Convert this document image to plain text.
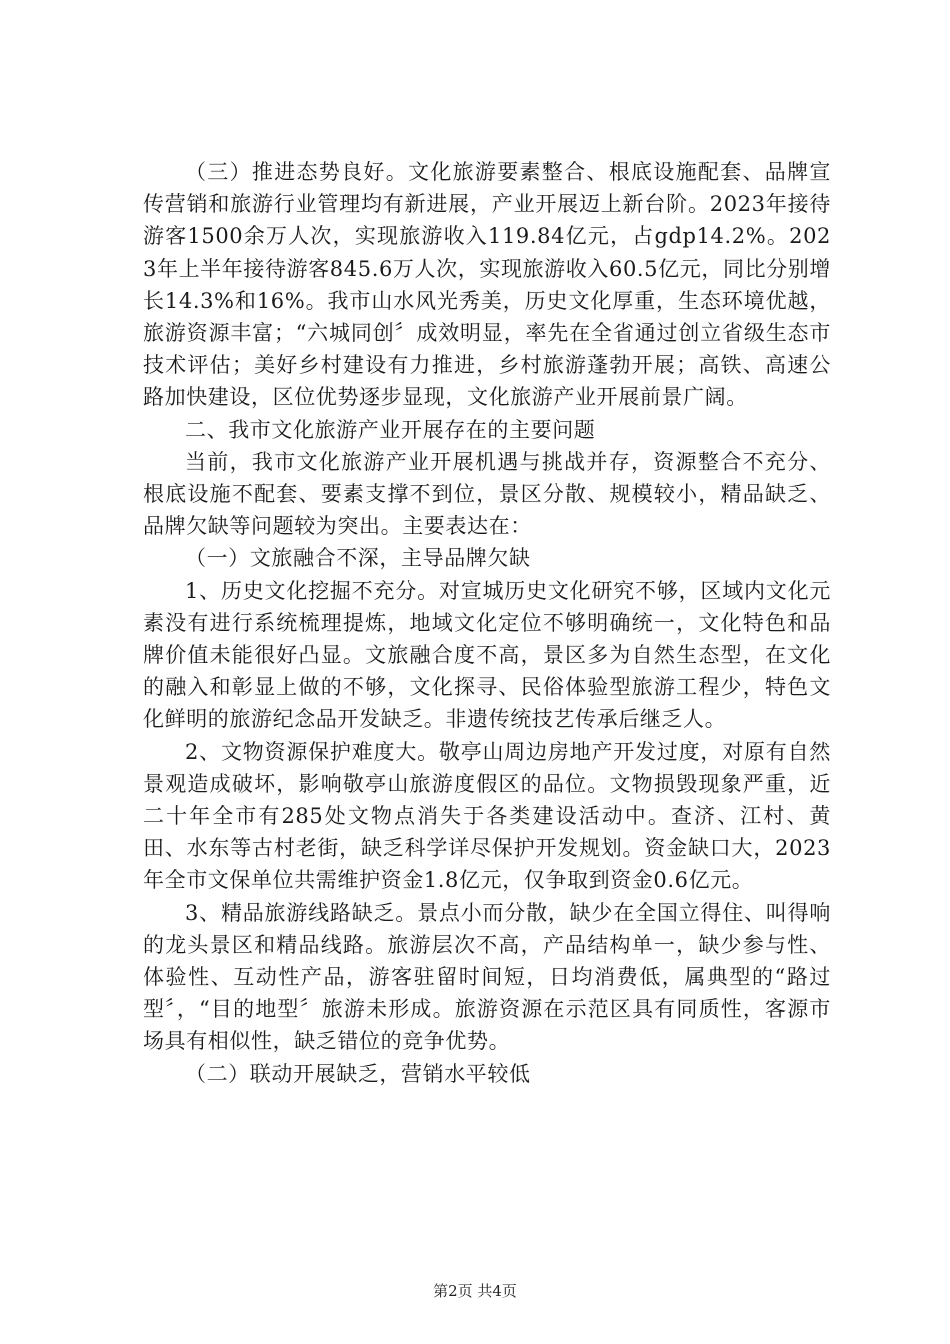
（三）推进态势良好。文化旅游要素整合、根底设施配套、品牌宣传营销和旅游行业管理均有新进展，产业开展迈上新台阶。2023年接待游客1500余万人次，实现旅游收入119.84亿元，占gdp14.2%。2023年上半年接待游客845.6万人次，实现旅游收入60.5亿元，同比分别增长14.3%和16%。我市山水风光秀美，历史文化厚重，生态环境优越，旅游资源丰富；“六城同创〞成效明显，率先在全省通过创立省级生态市技术评估；美好乡村建设有力推进，乡村旅游蓬勃开展；高铁、高速公路加快建设，区位优势逐步显现，文化旅游产业开展前景广阔。

二、我市文化旅游产业开展存在的主要问题

当前，我市文化旅游产业开展机遇与挑战并存，资源整合不充分、根底设施不配套、要素支撑不到位，景区分散、规模较小，精品缺乏、品牌欠缺等问题较为突出。主要表达在：

（一）文旅融合不深，主导品牌欠缺

1、历史文化挖掘不充分。对宣城历史文化研究不够，区域内文化元素没有进行系统梳理提炼，地域文化定位不够明确统一，文化特色和品牌价值未能很好凸显。文旅融合度不高，景区多为自然生态型，在文化的融入和彰显上做的不够，文化探寻、民俗体验型旅游工程少，特色文化鲜明的旅游纪念品开发缺乏。非遗传统技艺传承后继乏人。

2、文物资源保护难度大。敬亭山周边房地产开发过度，对原有自然景观造成破坏，影响敬亭山旅游度假区的品位。文物损毁现象严重，近二十年全市有285处文物点消失于各类建设活动中。查济、江村、黄田、水东等古村老街，缺乏科学详尽保护开发规划。资金缺口大，2023年全市文保单位共需维护资金1.8亿元，仅争取到资金0.6亿元。

3、精品旅游线路缺乏。景点小而分散，缺少在全国立得住、叫得响的龙头景区和精品线路。旅游层次不高，产品结构单一，缺少参与性、体验性、互动性产品，游客驻留时间短，日均消费低，属典型的“路过型〞，“目的地型〞旅游未形成。旅游资源在示范区具有同质性，客源市场具有相似性，缺乏错位的竞争优势。

（二）联动开展缺乏，营销水平较低

第2页 共4页
